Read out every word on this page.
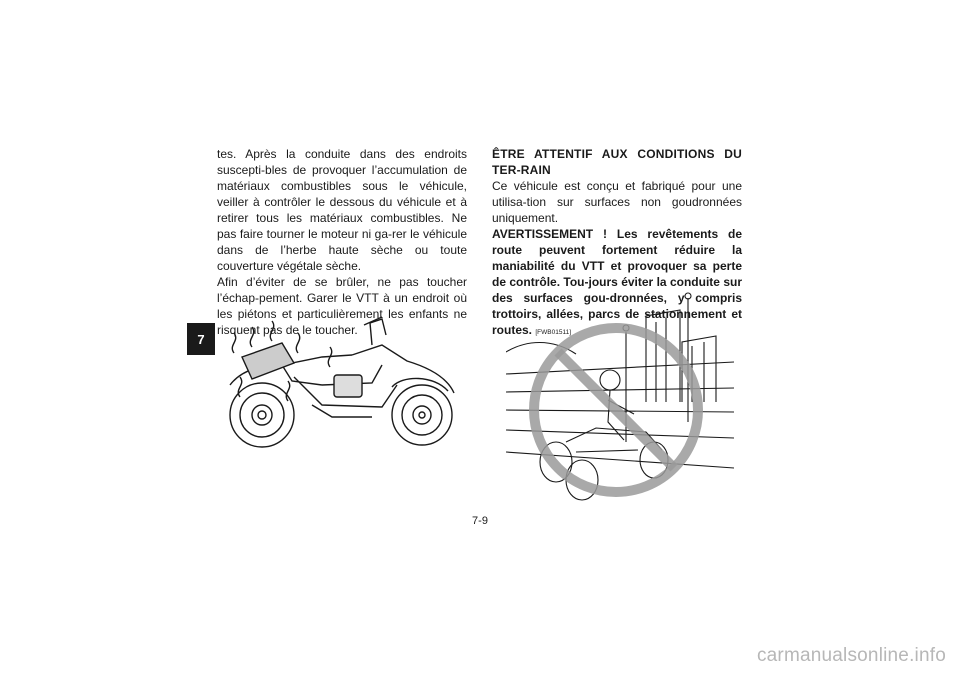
7

tes. Après la conduite dans des endroits suscepti-bles de provoquer l’accumulation de matériaux combustibles sous le véhicule, veiller à contrôler le dessous du véhicule et à retirer tous les matériaux combustibles. Ne pas faire tourner le moteur ni ga-rer le véhicule dans de l’herbe haute sèche ou toute couverture végétale sèche.

Afin d’éviter de se brûler, ne pas toucher l’échap-pement. Garer le VTT à un endroit où les piétons et particulièrement les enfants ne risquent pas de le toucher.

ÊTRE ATTENTIF AUX CONDITIONS DU TER-RAIN

Ce véhicule est conçu et fabriqué pour une utilisa-tion sur surfaces non goudronnées uniquement.

AVERTISSEMENT ! Les revêtements de route peuvent fortement réduire la maniabilité du VTT et provoquer sa perte de contrôle. Tou-jours éviter la conduite sur des surfaces gou-dronnées, y compris trottoirs, allées, parcs de stationnement et routes. [FWB01511]

7-9
carmanualsonline.info
